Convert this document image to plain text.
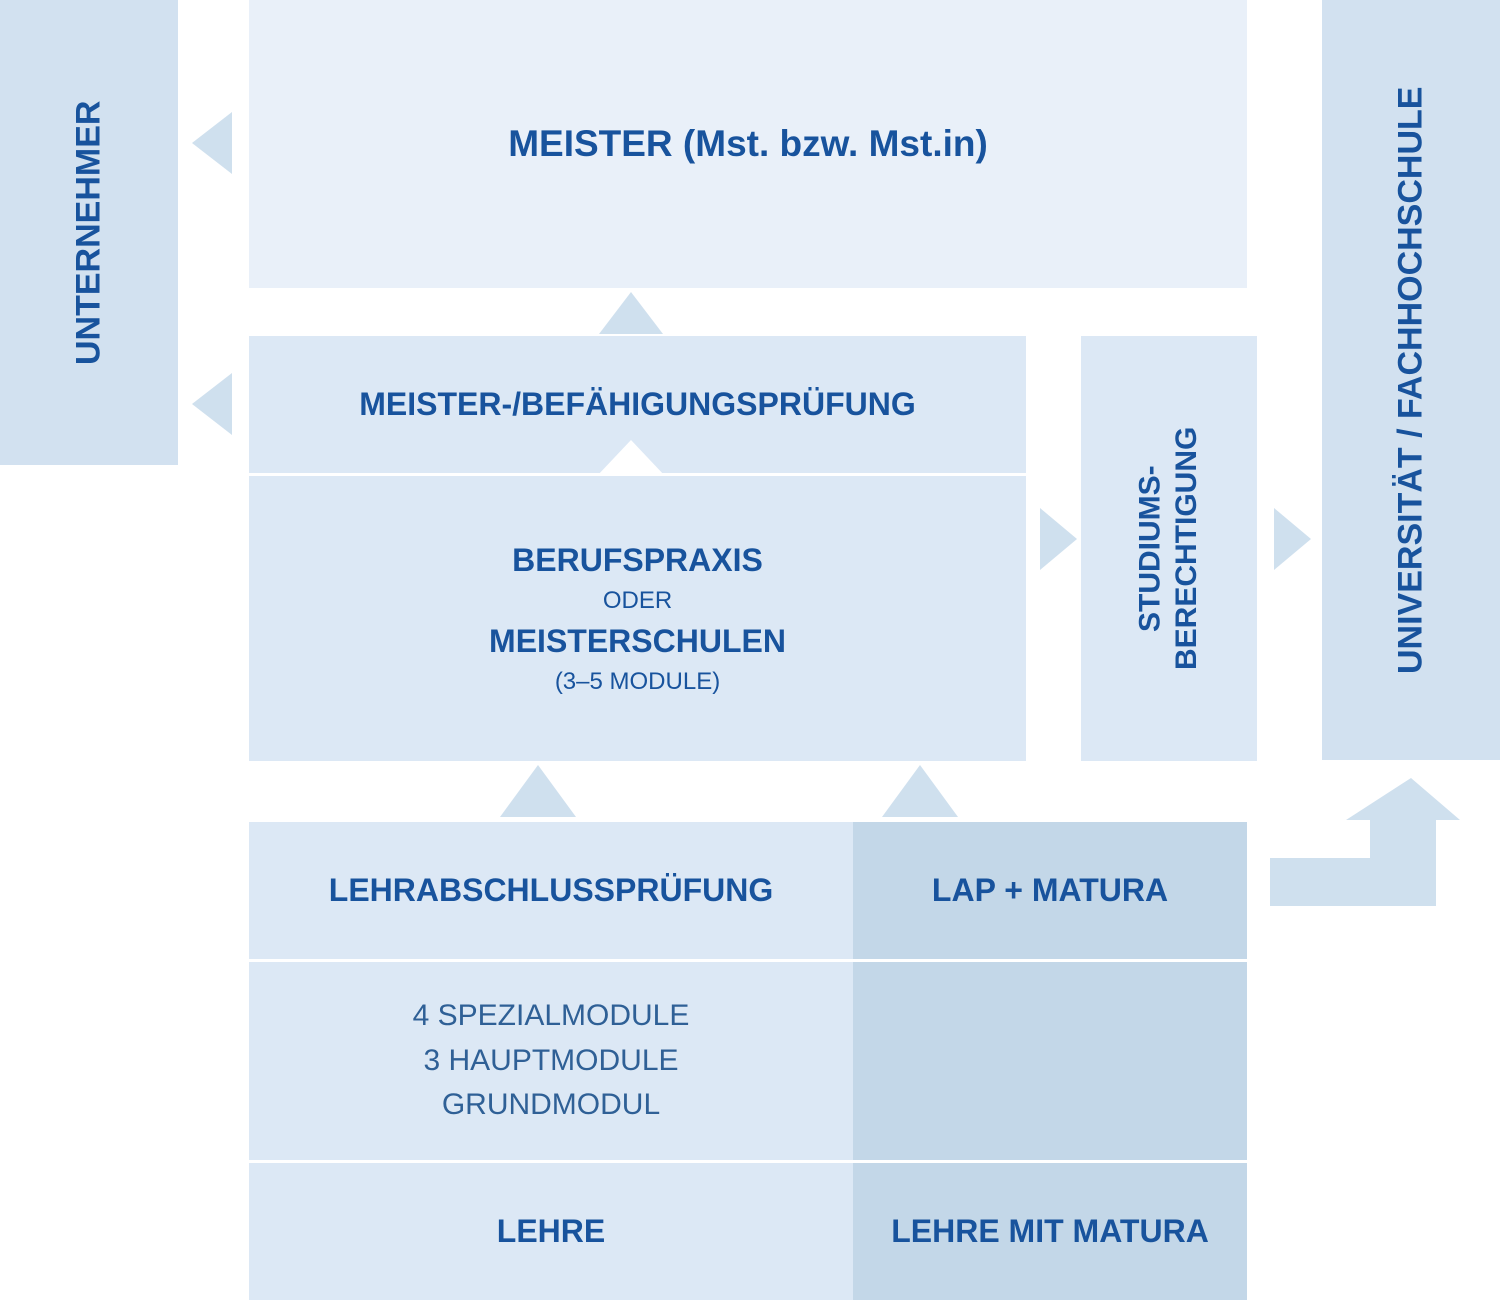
UNTERNEHMER	UNIVERSITÄT / FACHHOCHSCHULE
MEISTER (Mst. bzw. Mst.in)
MEISTER-/BEFÄHIGUNGSPRÜFUNG
BERUFSPRAXIS
ODER
MEISTERSCHULEN
(3–5 MODULE)
STUDIUMS- BERECHTIGUNG
LEHRABSCHLUSSPRÜFUNG	LAP + MATURA
4 SPEZIALMODULE
3 HAUPTMODULE
GRUNDMODUL
LEHRE	LEHRE MIT MATURA
